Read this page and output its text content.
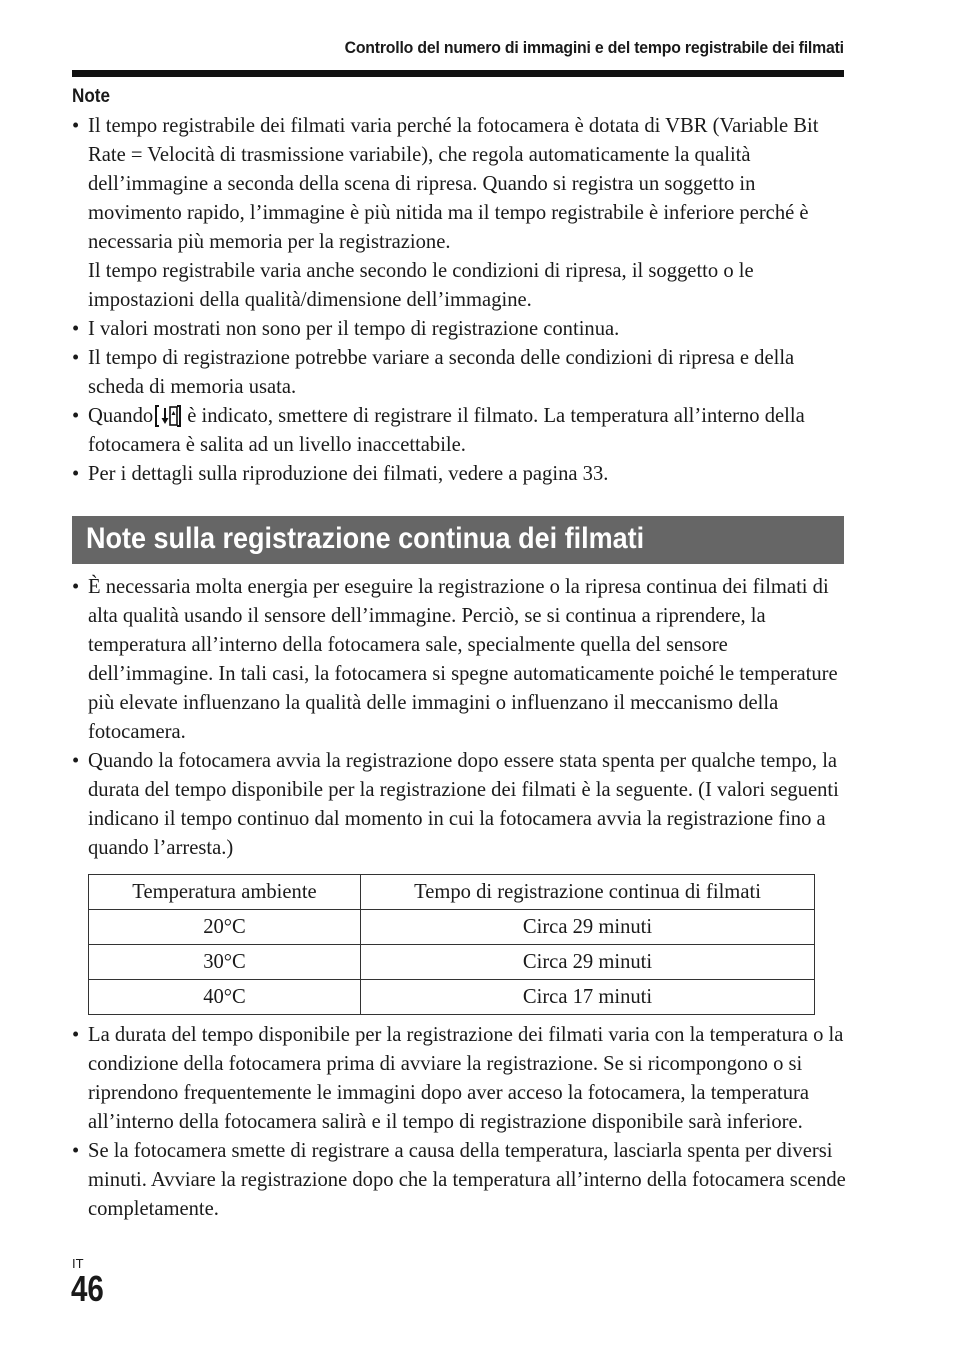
Controllo del numero di immagini e del tempo registrabile dei filmati
Note

• Il tempo registrabile dei filmati varia perché la fotocamera è dotata di VBR (Variable Bit Rate = Velocità di trasmissione variabile), che regola automaticamente la qualità dell’immagine a seconda della scena di ripresa. Quando si registra un soggetto in movimento rapido, l’immagine è più nitida ma il tempo registrabile è inferiore perché è necessaria più memoria per la registrazione.

Il tempo registrabile varia anche secondo le condizioni di ripresa, il soggetto o le impostazioni della qualità/dimensione dell’immagine.

• I valori mostrati non sono per il tempo di registrazione continua.
• Il tempo di registrazione potrebbe variare a seconda delle condizioni di ripresa e della scheda di memoria usata.
• Quando è indicato, smettere di registrare il filmato. La temperatura all’interno della fotocamera è salita ad un livello inaccettabile.
• Per i dettagli sulla riproduzione dei filmati, vedere a pagina 33.
Note sulla registrazione continua dei filmati
• È necessaria molta energia per eseguire la registrazione o la ripresa continua dei filmati di alta qualità usando il sensore dell’immagine. Perciò, se si continua a riprendere, la temperatura all’interno della fotocamera sale, specialmente quella del sensore dell’immagine. In tali casi, la fotocamera si spegne automaticamente poiché le temperature più elevate influenzano la qualità delle immagini o influenzano il meccanismo della fotocamera.
• Quando la fotocamera avvia la registrazione dopo essere stata spenta per qualche tempo, la durata del tempo disponibile per la registrazione dei filmati è la seguente. (I valori seguenti indicano il tempo continuo dal momento in cui la fotocamera avvia la registrazione fino a quando l’arresta.)
Temperatura ambiente	Tempo di registrazione continua di filmati
20°C	Circa 29 minuti
30°C	Circa 29 minuti
40°C	Circa 17 minuti
• La durata del tempo disponibile per la registrazione dei filmati varia con la temperatura o la condizione della fotocamera prima di avviare la registrazione. Se si ricompongono o si riprendono frequentemente le immagini dopo aver acceso la fotocamera, la temperatura all’interno della fotocamera salirà e il tempo di registrazione disponibile sarà inferiore.
• Se la fotocamera smette di registrare a causa della temperatura, lasciarla spenta per diversi minuti. Avviare la registrazione dopo che la temperatura all’interno della fotocamera scende completamente.
IT
46
